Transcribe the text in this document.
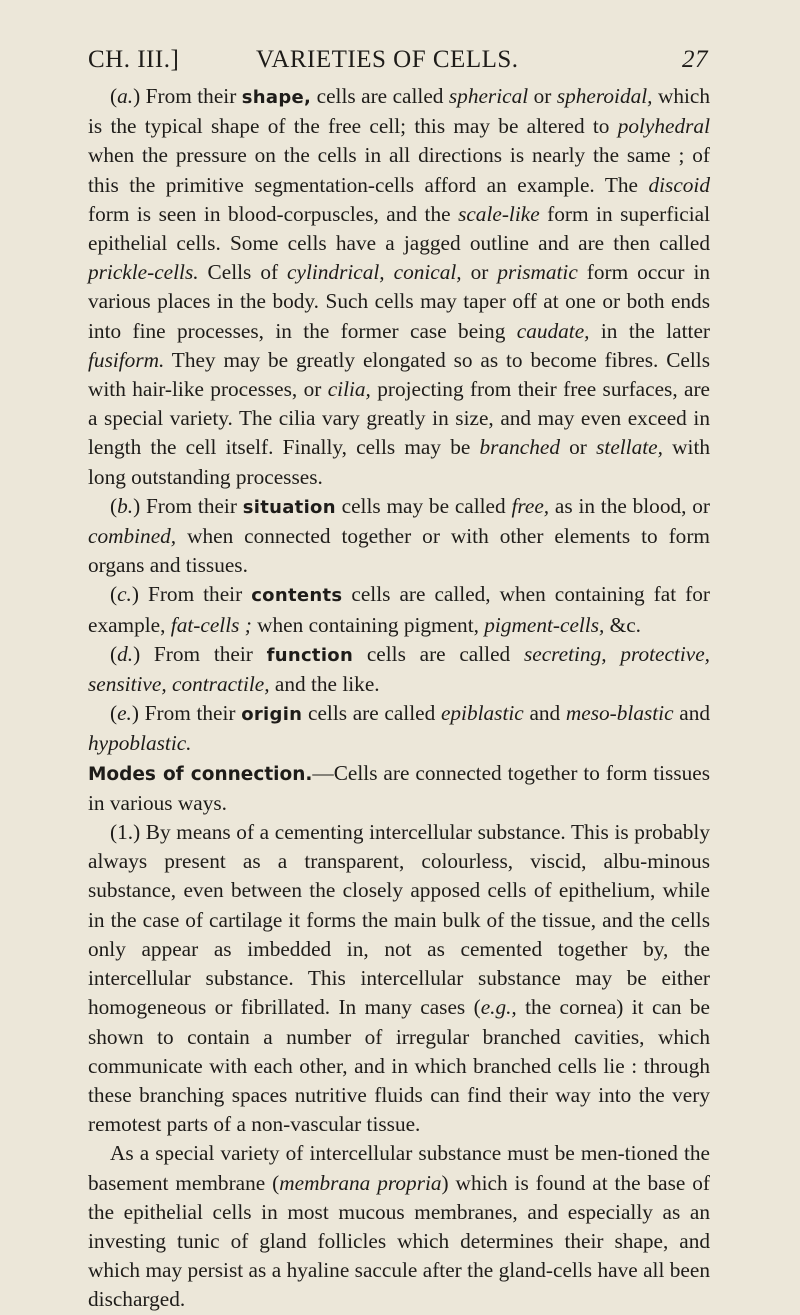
CH. III.]	VARIETIES OF CELLS.	27

(a.) From their shape, cells are called spherical or spheroidal, which is the typical shape of the free cell; this may be altered to polyhedral when the pressure on the cells in all directions is nearly the same ; of this the primitive segmentation-cells afford an example. The discoid form is seen in blood-corpuscles, and the scale-like form in superficial epithelial cells. Some cells have a jagged outline and are then called prickle-cells. Cells of cylindrical, conical, or prismatic form occur in various places in the body. Such cells may taper off at one or both ends into fine processes, in the former case being caudate, in the latter fusiform. They may be greatly elongated so as to become fibres. Cells with hair-like processes, or cilia, projecting from their free surfaces, are a special variety. The cilia vary greatly in size, and may even exceed in length the cell itself. Finally, cells may be branched or stellate, with long outstanding processes.

(b.) From their situation cells may be called free, as in the blood, or combined, when connected together or with other elements to form organs and tissues.

(c.) From their contents cells are called, when containing fat for example, fat-cells ; when containing pigment, pigment-cells, &c.

(d.) From their function cells are called secreting, protective, sensitive, contractile, and the like.

(e.) From their origin cells are called epiblastic and meso-blastic and hypoblastic.

Modes of connection.—Cells are connected together to form tissues in various ways.

(1.) By means of a cementing intercellular substance. This is probably always present as a transparent, colourless, viscid, albu-minous substance, even between the closely apposed cells of epithelium, while in the case of cartilage it forms the main bulk of the tissue, and the cells only appear as imbedded in, not as cemented together by, the intercellular substance. This intercellular substance may be either homogeneous or fibrillated. In many cases (e.g., the cornea) it can be shown to contain a number of irregular branched cavities, which communicate with each other, and in which branched cells lie : through these branching spaces nutritive fluids can find their way into the very remotest parts of a non-vascular tissue.

As a special variety of intercellular substance must be men-tioned the basement membrane (membrana propria) which is found at the base of the epithelial cells in most mucous membranes, and especially as an investing tunic of gland follicles which determines their shape, and which may persist as a hyaline saccule after the gland-cells have all been discharged.
